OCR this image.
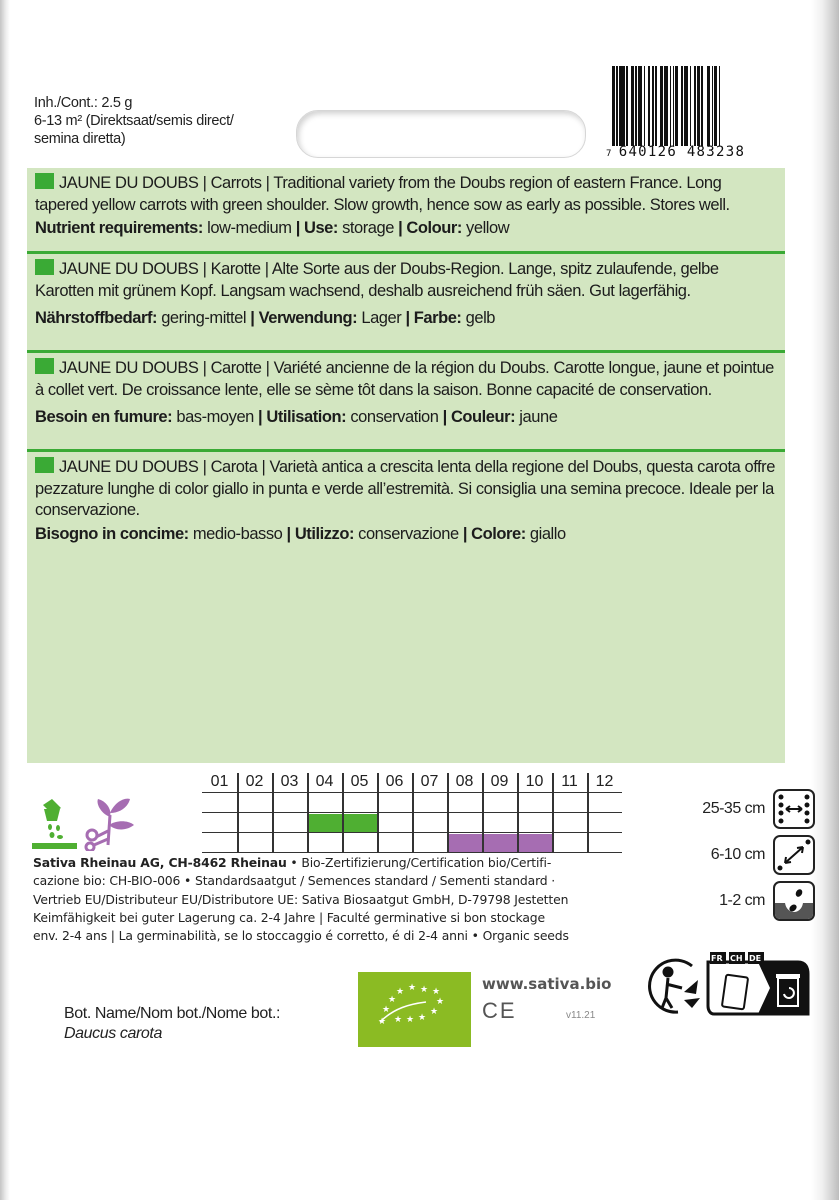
Inh./Cont.: 2.5 g
6-13 m² (Direktsaat/semis direct/
semina diretta)
7 640126 483238
JAUNE DU DOUBS | Carrots | Traditional variety from the Doubs region of eastern France. Long tapered yellow carrots with green shoulder. Slow growth, hence sow as early as possible. Stores well.
Nutrient requirements: low-medium | Use: storage | Colour: yellow
JAUNE DU DOUBS | Karotte | Alte Sorte aus der Doubs-Region. Lange, spitz zulaufende, gelbe Karotten mit grünem Kopf. Langsam wachsend, deshalb ausreichend früh säen. Gut lagerfähig.
Nährstoffbedarf: gering-mittel | Verwendung: Lager | Farbe: gelb
JAUNE DU DOUBS | Carotte | Variété ancienne de la région du Doubs. Carotte longue, jaune et pointue à collet vert. De croissance lente, elle se sème tôt dans la saison. Bonne capacité de conservation.
Besoin en fumure: bas-moyen | Utilisation: conservation | Couleur: jaune
JAUNE DU DOUBS | Carota | Varietà antica a crescita lenta della regione del Doubs, questa carota offre pezzature lunghe di color giallo in punta e verde all’estremità. Si consiglia una semina precoce. Ideale per la conservazione.
Bisogno in concime: medio-basso | Utilizzo: conservazione | Colore: giallo
01	02	03	04	05	06	07	08	09	10	11	12
25-35 cm
6-10 cm
1-2 cm
Sativa Rheinau AG, CH-8462 Rheinau • Bio-Zertifizierung/Certification bio/Certifi-
cazione bio: CH-BIO-006 • Standardsaatgut / Semences standard / Sementi standard ·
Vertrieb EU/Distributeur EU/Distributore UE: Sativa Biosaatgut GmbH, D-79798 Jestetten
Keimfähigkeit bei guter Lagerung ca. 2-4 Jahre | Faculté germinative si bon stockage
env. 2-4 ans | La germinabilità, se lo stoccaggio é corretto, é di 2-4 anni • Organic seeds
Bot. Name/Nom bot./Nome bot.:
Daucus carota
★ ★ ★ ★
★	★
★	★
★ ★ ★ ★
www.sativa.bio
CE	v11.21
FR CH DE
